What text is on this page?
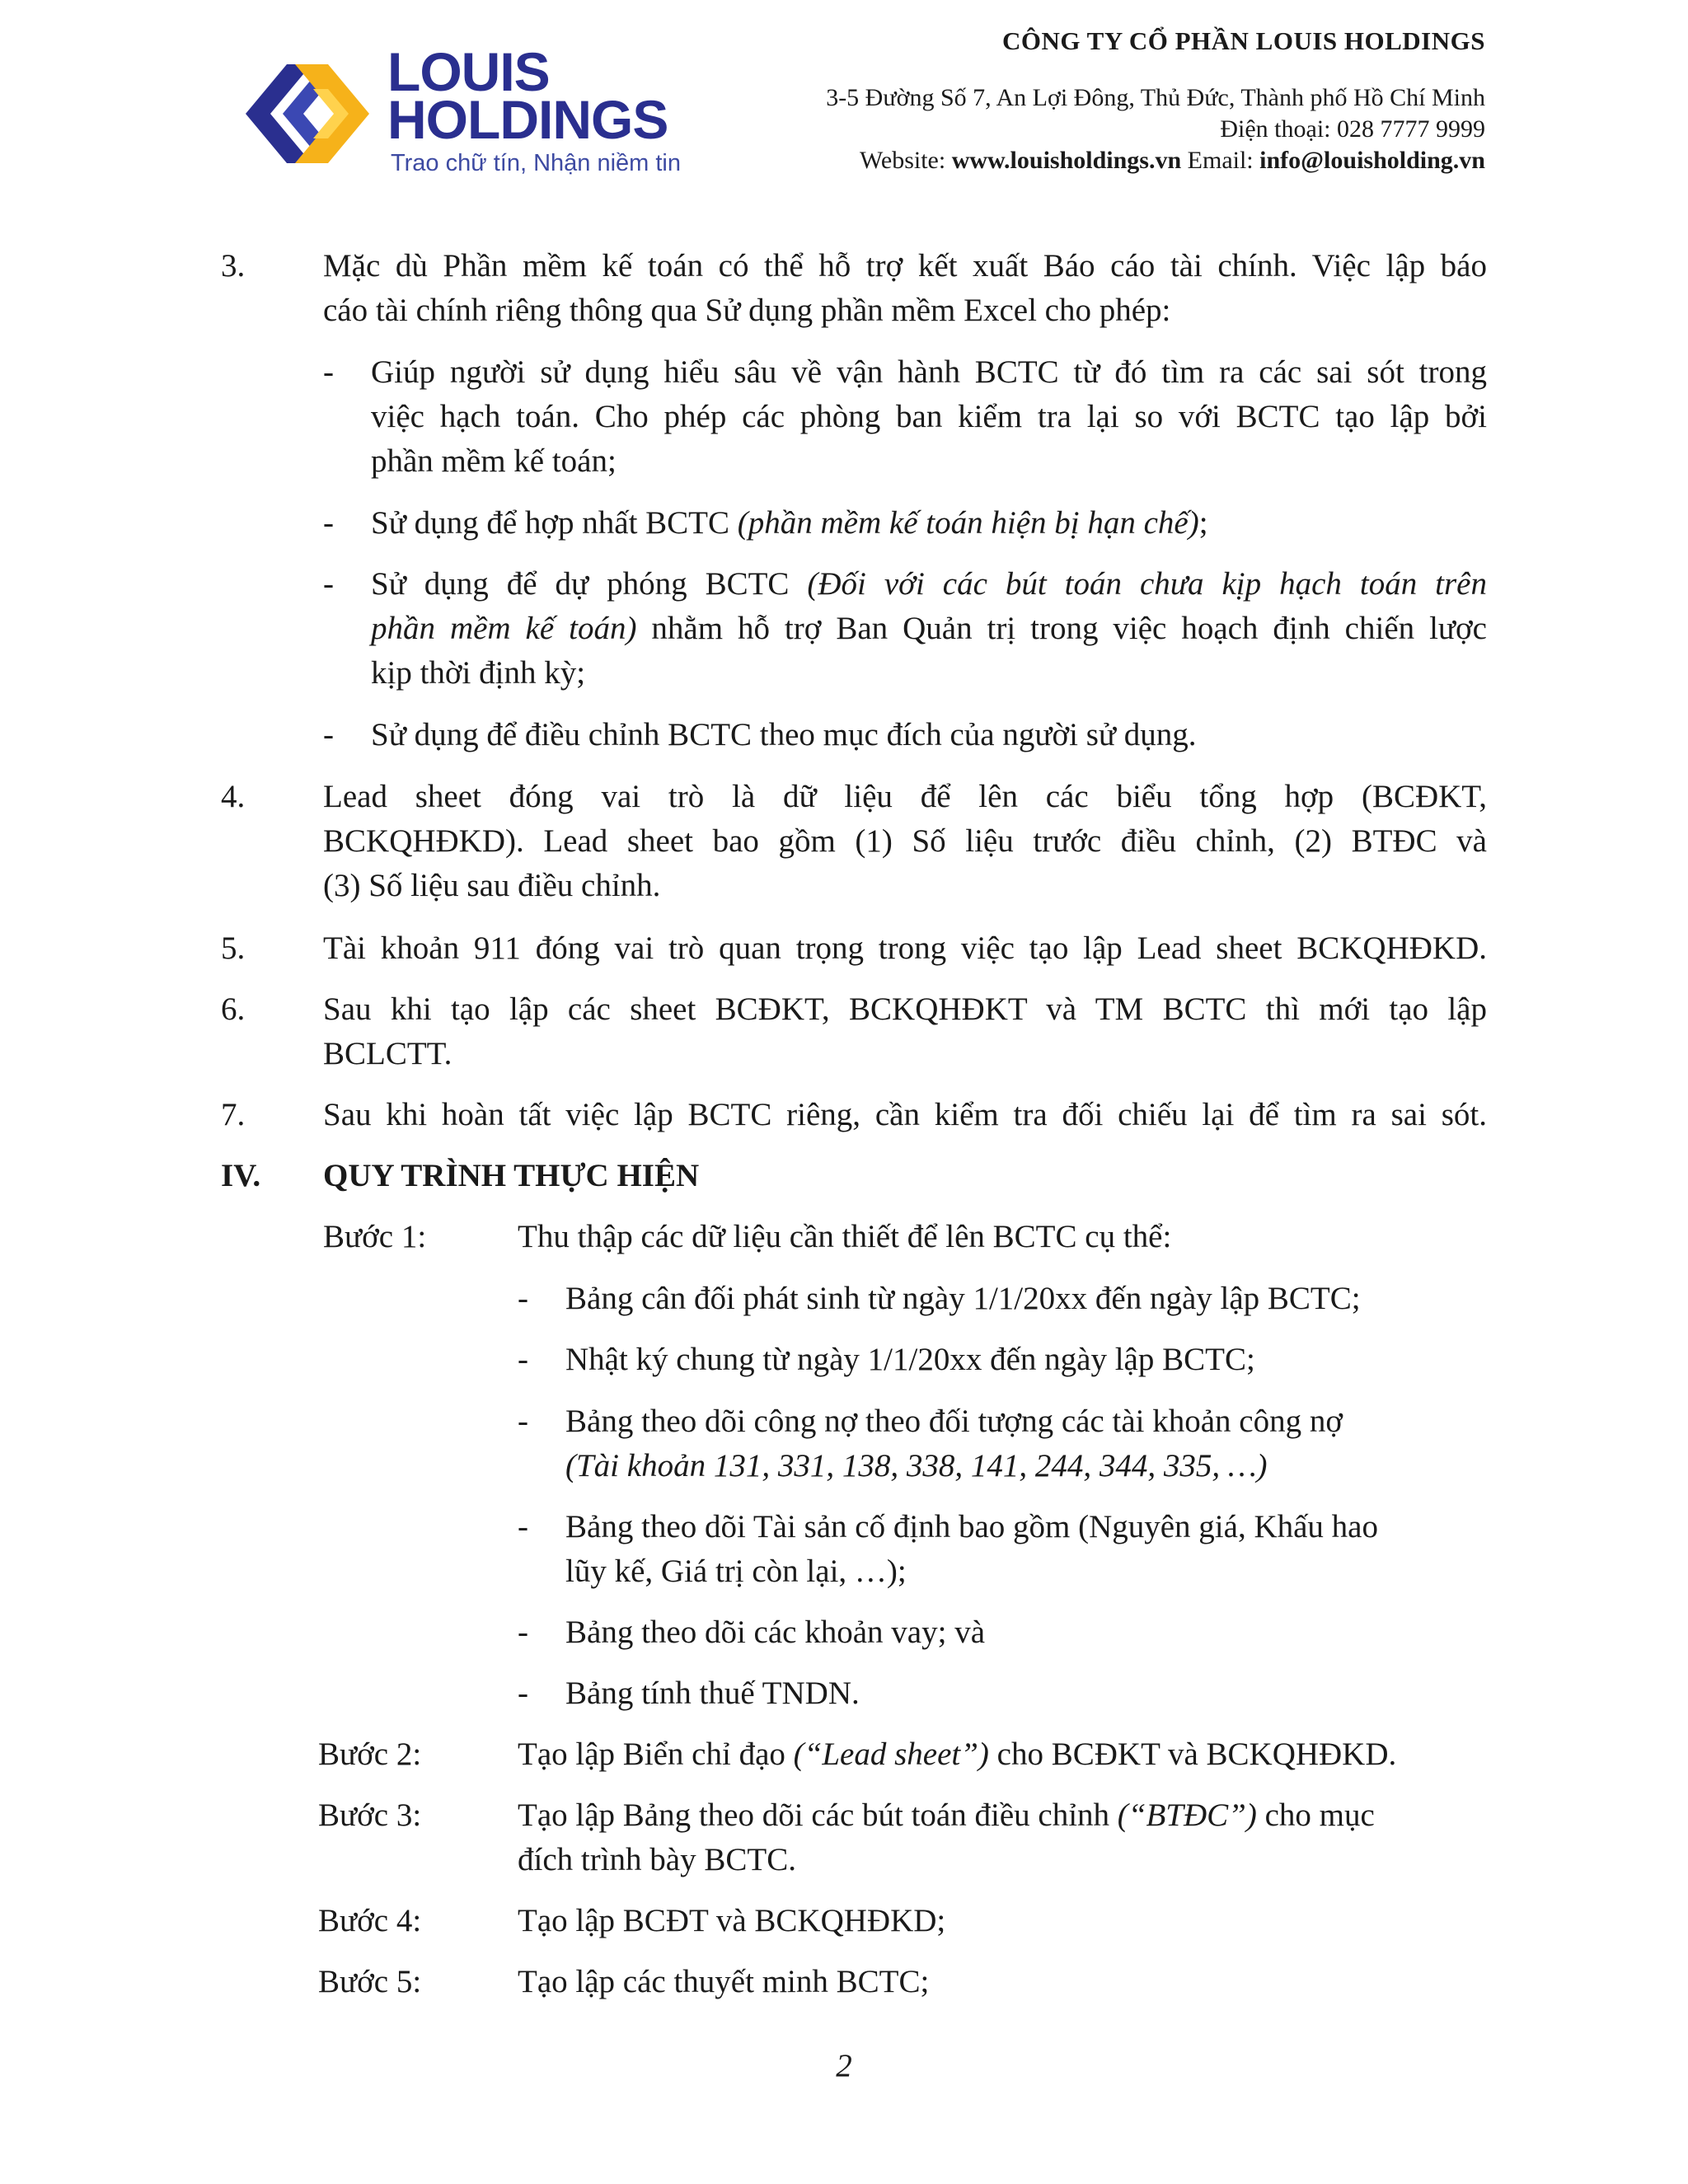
LOUIS
HOLDINGS
Trao chữ tín, Nhận niềm tin
CÔNG TY CỔ PHẦN LOUIS HOLDINGS
3-5 Đường Số 7, An Lợi Đông, Thủ Đức, Thành phố Hồ Chí Minh
Điện thoại: 028 7777 9999
Website: www.louisholdings.vn Email: info@louisholding.vn
3. Mặc dù Phần mềm kế toán có thể hỗ trợ kết xuất Báo cáo tài chính. Việc lập báo
cáo tài chính riêng thông qua Sử dụng phần mềm Excel cho phép:
- Giúp người sử dụng hiểu sâu về vận hành BCTC từ đó tìm ra các sai sót trong
việc hạch toán. Cho phép các phòng ban kiểm tra lại so với BCTC tạo lập bởi
phần mềm kế toán;
- Sử dụng để hợp nhất BCTC (phần mềm kế toán hiện bị hạn chế);
- Sử dụng để dự phóng BCTC (Đối với các bút toán chưa kịp hạch toán trên
phần mềm kế toán) nhằm hỗ trợ Ban Quản trị trong việc hoạch định chiến lược
kịp thời định kỳ;
- Sử dụng để điều chỉnh BCTC theo mục đích của người sử dụng.
4. Lead sheet đóng vai trò là dữ liệu để lên các biểu tổng hợp (BCĐKT,
BCKQHĐKD). Lead sheet bao gồm (1) Số liệu trước điều chỉnh, (2) BTĐC và
(3) Số liệu sau điều chỉnh.
5. Tài khoản 911 đóng vai trò quan trọng trong việc tạo lập Lead sheet BCKQHĐKD.
6. Sau khi tạo lập các sheet BCĐKT, BCKQHĐKT và TM BCTC thì mới tạo lập
BCLCTT.
7. Sau khi hoàn tất việc lập BCTC riêng, cần kiểm tra đối chiếu lại để tìm ra sai sót.
IV. QUY TRÌNH THỰC HIỆN
Bước 1:	Thu thập các dữ liệu cần thiết để lên BCTC cụ thể:
- Bảng cân đối phát sinh từ ngày 1/1/20xx đến ngày lập BCTC;
- Nhật ký chung từ ngày 1/1/20xx đến ngày lập BCTC;
- Bảng theo dõi công nợ theo đối tượng các tài khoản công nợ
(Tài khoản 131, 331, 138, 338, 141, 244, 344, 335, …)
- Bảng theo dõi Tài sản cố định bao gồm (Nguyên giá, Khấu hao
lũy kế, Giá trị còn lại, …);
- Bảng theo dõi các khoản vay; và
- Bảng tính thuế TNDN.
Bước 2:	Tạo lập Biển chỉ đạo (“Lead sheet”) cho BCĐKT và BCKQHĐKD.
Bước 3:	Tạo lập Bảng theo dõi các bút toán điều chỉnh (“BTĐC”) cho mục
đích trình bày BCTC.
Bước 4:	Tạo lập BCĐT và BCKQHĐKD;
Bước 5:	Tạo lập các thuyết minh BCTC;
2
